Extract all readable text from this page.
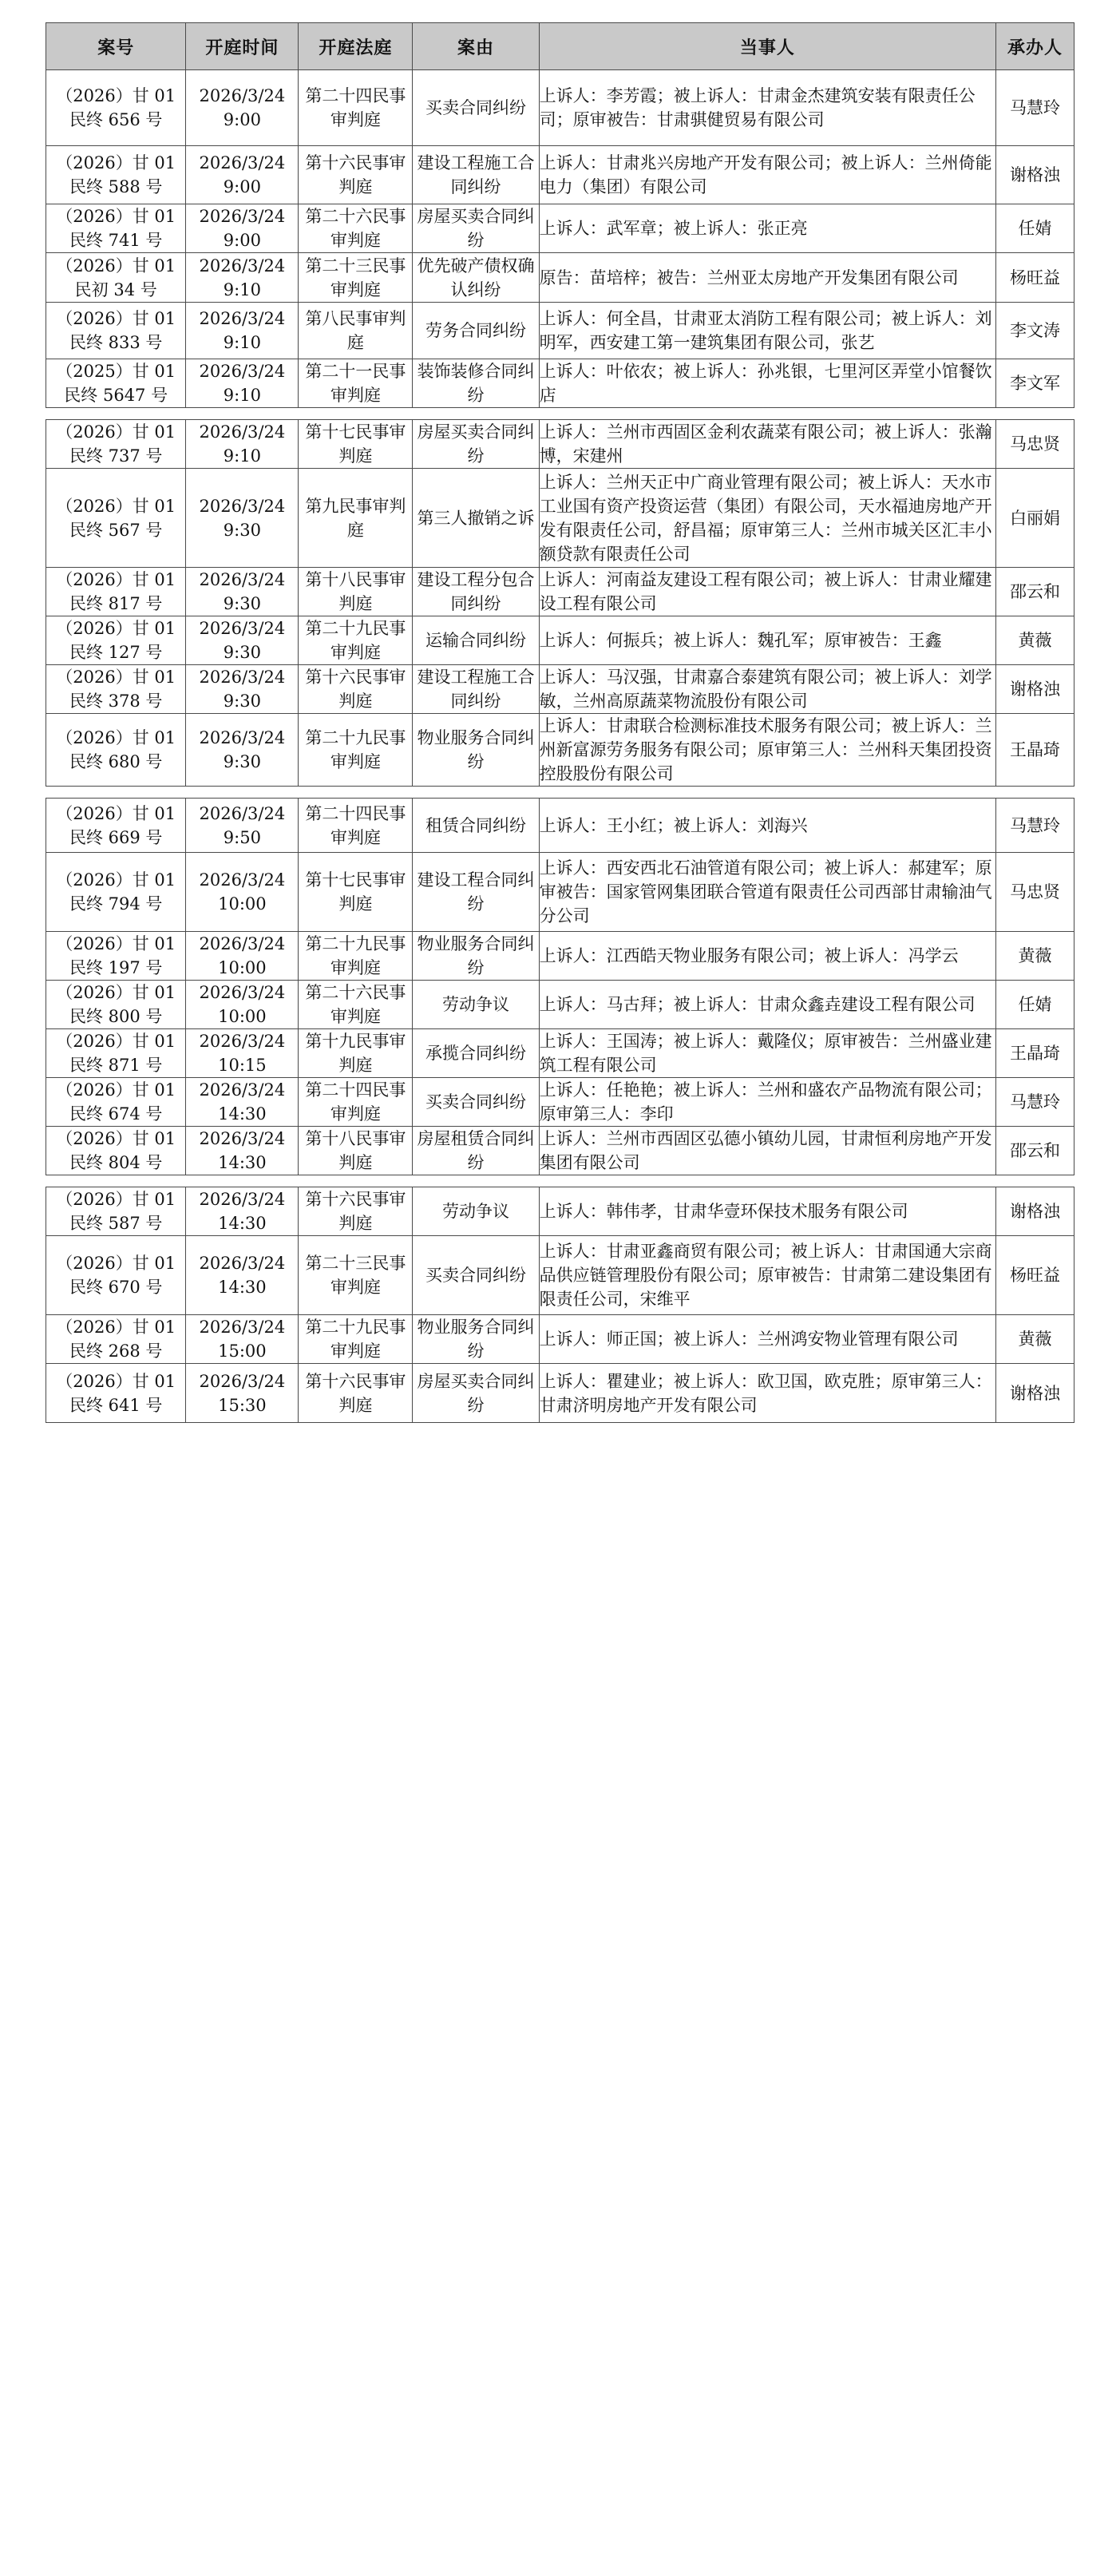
案号	开庭时间	开庭法庭	案由	当事人	承办人

（2026）甘 01 民终 656 号	2026/3/24 9:00	第二十四民事审判庭	买卖合同纠纷	上诉人：李芳霞；被上诉人：甘肃金杰建筑安装有限责任公司；原审被告：甘肃骐健贸易有限公司	马慧玲

（2026）甘 01 民终 588 号	2026/3/24 9:00	第十六民事审判庭	建设工程施工合同纠纷	上诉人：甘肃兆兴房地产开发有限公司；被上诉人：兰州倚能电力（集团）有限公司	谢格浊

（2026）甘 01 民终 741 号	2026/3/24 9:00	第二十六民事审判庭	房屋买卖合同纠纷	上诉人：武军章；被上诉人：张正亮	任婧

（2026）甘 01 民初 34 号	2026/3/24 9:10	第二十三民事审判庭	优先破产债权确认纠纷	原告：苗培梓；被告：兰州亚太房地产开发集团有限公司	杨旺益

（2026）甘 01 民终 833 号	2026/3/24 9:10	第八民事审判庭	劳务合同纠纷	上诉人：何全昌，甘肃亚太消防工程有限公司；被上诉人：刘明军，西安建工第一建筑集团有限公司，张艺	李文涛

（2025）甘 01 民终 5647 号	2026/3/24 9:10	第二十一民事审判庭	装饰装修合同纠纷	上诉人：叶依农；被上诉人：孙兆银，七里河区弄堂小馆餐饮店	李文军
（2026）甘 01 民终 737 号	2026/3/24 9:10	第十七民事审判庭	房屋买卖合同纠纷	上诉人：兰州市西固区金利农蔬菜有限公司；被上诉人：张瀚博，宋建州	马忠贤

（2026）甘 01 民终 567 号	2026/3/24 9:30	第九民事审判庭	第三人撤销之诉	上诉人：兰州天正中广商业管理有限公司；被上诉人：天水市工业国有资产投资运营（集团）有限公司，天水福迪房地产开发有限责任公司，舒昌福；原审第三人：兰州市城关区汇丰小额贷款有限责任公司	白丽娟

（2026）甘 01 民终 817 号	2026/3/24 9:30	第十八民事审判庭	建设工程分包合同纠纷	上诉人：河南益友建设工程有限公司；被上诉人：甘肃业耀建设工程有限公司	邵云和

（2026）甘 01 民终 127 号	2026/3/24 9:30	第二十九民事审判庭	运输合同纠纷	上诉人：何振兵；被上诉人：魏孔军；原审被告：王鑫	黄薇

（2026）甘 01 民终 378 号	2026/3/24 9:30	第十六民事审判庭	建设工程施工合同纠纷	上诉人：马汉强，甘肃嘉合泰建筑有限公司；被上诉人：刘学敏，兰州高原蔬菜物流股份有限公司	谢格浊

（2026）甘 01 民终 680 号	2026/3/24 9:30	第二十九民事审判庭	物业服务合同纠纷	上诉人：甘肃联合检测标准技术服务有限公司；被上诉人：兰州新富源劳务服务有限公司；原审第三人：兰州科天集团投资控股股份有限公司	王晶琦
（2026）甘 01 民终 669 号	2026/3/24 9:50	第二十四民事审判庭	租赁合同纠纷	上诉人：王小红；被上诉人：刘海兴	马慧玲

（2026）甘 01 民终 794 号	2026/3/24 10:00	第十七民事审判庭	建设工程合同纠纷	上诉人：西安西北石油管道有限公司；被上诉人：郝建军；原审被告：国家管网集团联合管道有限责任公司西部甘肃输油气分公司	马忠贤

（2026）甘 01 民终 197 号	2026/3/24 10:00	第二十九民事审判庭	物业服务合同纠纷	上诉人：江西皓天物业服务有限公司；被上诉人：冯学云	黄薇

（2026）甘 01 民终 800 号	2026/3/24 10:00	第二十六民事审判庭	劳动争议	上诉人：马古拜；被上诉人：甘肃众鑫垚建设工程有限公司	任婧

（2026）甘 01 民终 871 号	2026/3/24 10:15	第十九民事审判庭	承揽合同纠纷	上诉人：王国涛；被上诉人：戴隆仪；原审被告：兰州盛业建筑工程有限公司	王晶琦

（2026）甘 01 民终 674 号	2026/3/24 14:30	第二十四民事审判庭	买卖合同纠纷	上诉人：任艳艳；被上诉人：兰州和盛农产品物流有限公司；原审第三人：李印	马慧玲

（2026）甘 01 民终 804 号	2026/3/24 14:30	第十八民事审判庭	房屋租赁合同纠纷	上诉人：兰州市西固区弘德小镇幼儿园，甘肃恒利房地产开发集团有限公司	邵云和
（2026）甘 01 民终 587 号	2026/3/24 14:30	第十六民事审判庭	劳动争议	上诉人：韩伟孝，甘肃华壹环保技术服务有限公司	谢格浊

（2026）甘 01 民终 670 号	2026/3/24 14:30	第二十三民事审判庭	买卖合同纠纷	上诉人：甘肃亚鑫商贸有限公司；被上诉人：甘肃国通大宗商品供应链管理股份有限公司；原审被告：甘肃第二建设集团有限责任公司，宋维平	杨旺益

（2026）甘 01 民终 268 号	2026/3/24 15:00	第二十九民事审判庭	物业服务合同纠纷	上诉人：师正国；被上诉人：兰州鸿安物业管理有限公司	黄薇

（2026）甘 01 民终 641 号	2026/3/24 15:30	第十六民事审判庭	房屋买卖合同纠纷	上诉人：瞿建业；被上诉人：欧卫国，欧克胜；原审第三人：甘肃济明房地产开发有限公司	谢格浊
